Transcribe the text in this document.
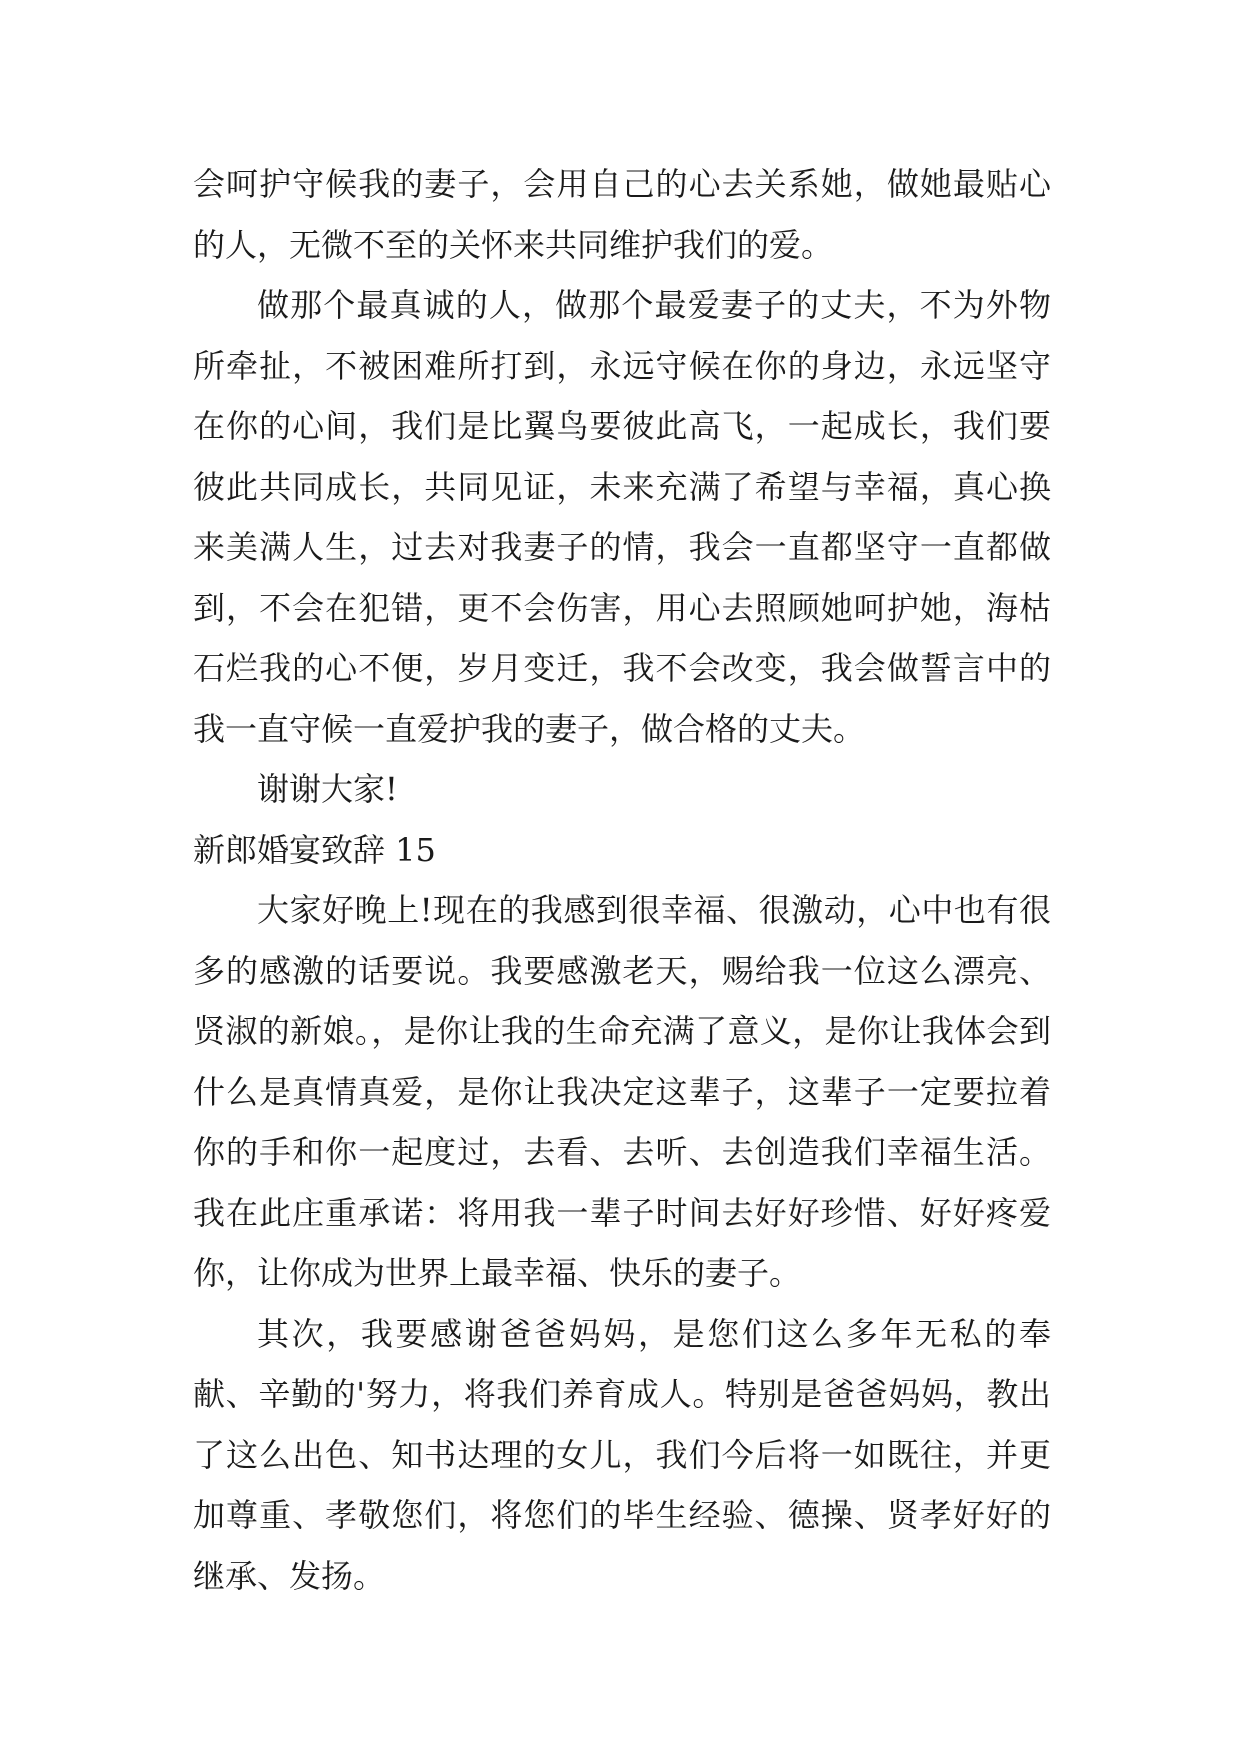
会呵护守候我的妻子，会用自己的心去关系她，做她最贴心的人，无微不至的关怀来共同维护我们的爱。

做那个最真诚的人，做那个最爱妻子的丈夫，不为外物所牵扯，不被困难所打到，永远守候在你的身边，永远坚守在你的心间，我们是比翼鸟要彼此高飞，一起成长，我们要彼此共同成长，共同见证，未来充满了希望与幸福，真心换来美满人生，过去对我妻子的情，我会一直都坚守一直都做到，不会在犯错，更不会伤害，用心去照顾她呵护她，海枯石烂我的心不便，岁月变迁，我不会改变，我会做誓言中的我一直守候一直爱护我的妻子，做合格的丈夫。

谢谢大家!

新郎婚宴致辞 15

大家好晚上!现在的我感到很幸福、很激动，心中也有很多的感激的话要说。我要感激老天，赐给我一位这么漂亮、贤淑的新娘。，是你让我的生命充满了意义，是你让我体会到什么是真情真爱，是你让我决定这辈子，这辈子一定要拉着你的手和你一起度过，去看、去听、去创造我们幸福生活。我在此庄重承诺：将用我一辈子时间去好好珍惜、好好疼爱你，让你成为世界上最幸福、快乐的妻子。

其次，我要感谢爸爸妈妈，是您们这么多年无私的奉献、辛勤的'努力，将我们养育成人。特别是爸爸妈妈，教出了这么出色、知书达理的女儿，我们今后将一如既往，并更加尊重、孝敬您们，将您们的毕生经验、德操、贤孝好好的继承、发扬。
